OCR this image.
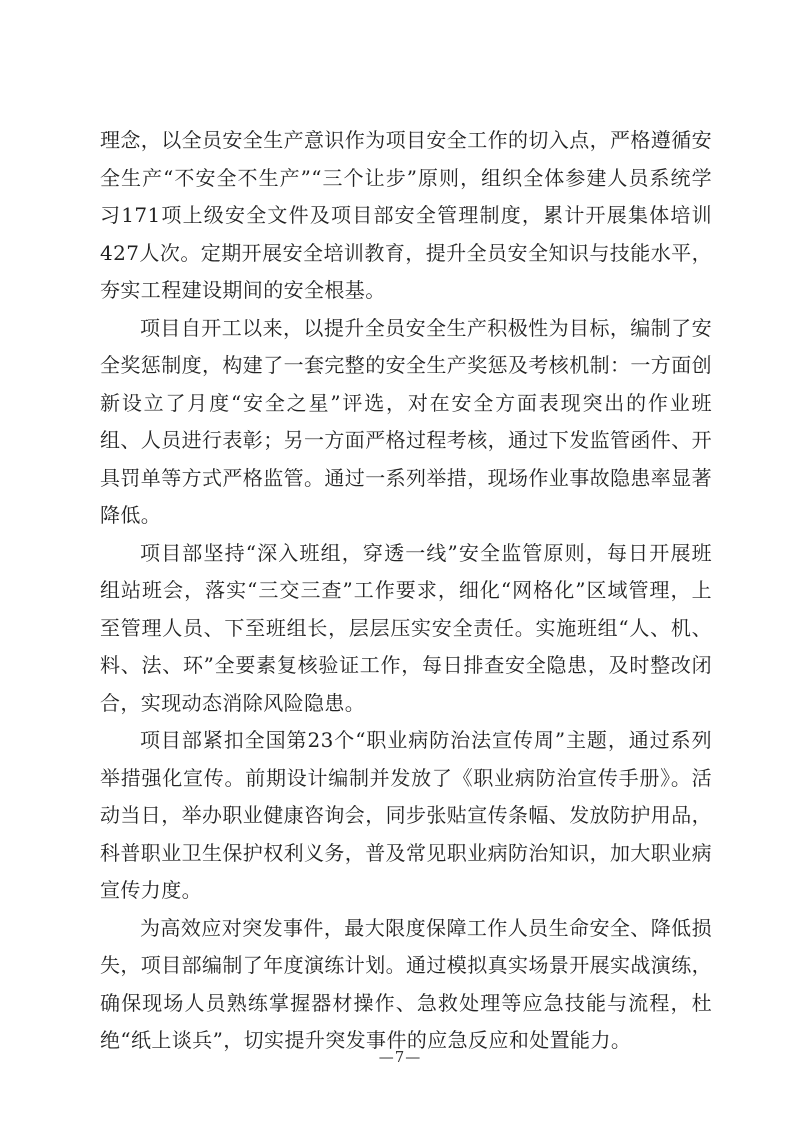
理念，以全员安全生产意识作为项目安全工作的切入点，严格遵循安全生产“不安全不生产”“三个让步”原则，组织全体参建人员系统学习171项上级安全文件及项目部安全管理制度，累计开展集体培训427人次。定期开展安全培训教育，提升全员安全知识与技能水平，夯实工程建设期间的安全根基。

项目自开工以来，以提升全员安全生产积极性为目标，编制了安全奖惩制度，构建了一套完整的安全生产奖惩及考核机制：一方面创新设立了月度“安全之星”评选，对在安全方面表现突出的作业班组、人员进行表彰；另一方面严格过程考核，通过下发监管函件、开具罚单等方式严格监管。通过一系列举措，现场作业事故隐患率显著降低。

项目部坚持“深入班组，穿透一线”安全监管原则，每日开展班组站班会，落实“三交三查”工作要求，细化“网格化”区域管理，上至管理人员、下至班组长，层层压实安全责任。实施班组“人、机、料、法、环”全要素复核验证工作，每日排查安全隐患，及时整改闭合，实现动态消除风险隐患。

项目部紧扣全国第23个“职业病防治法宣传周”主题，通过系列举措强化宣传。前期设计编制并发放了《职业病防治宣传手册》。活动当日，举办职业健康咨询会，同步张贴宣传条幅、发放防护用品，科普职业卫生保护权利义务，普及常见职业病防治知识，加大职业病宣传力度。

为高效应对突发事件，最大限度保障工作人员生命安全、降低损失，项目部编制了年度演练计划。通过模拟真实场景开展实战演练，确保现场人员熟练掌握器材操作、急救处理等应急技能与流程，杜绝“纸上谈兵”，切实提升突发事件的应急反应和处置能力。

—7—
